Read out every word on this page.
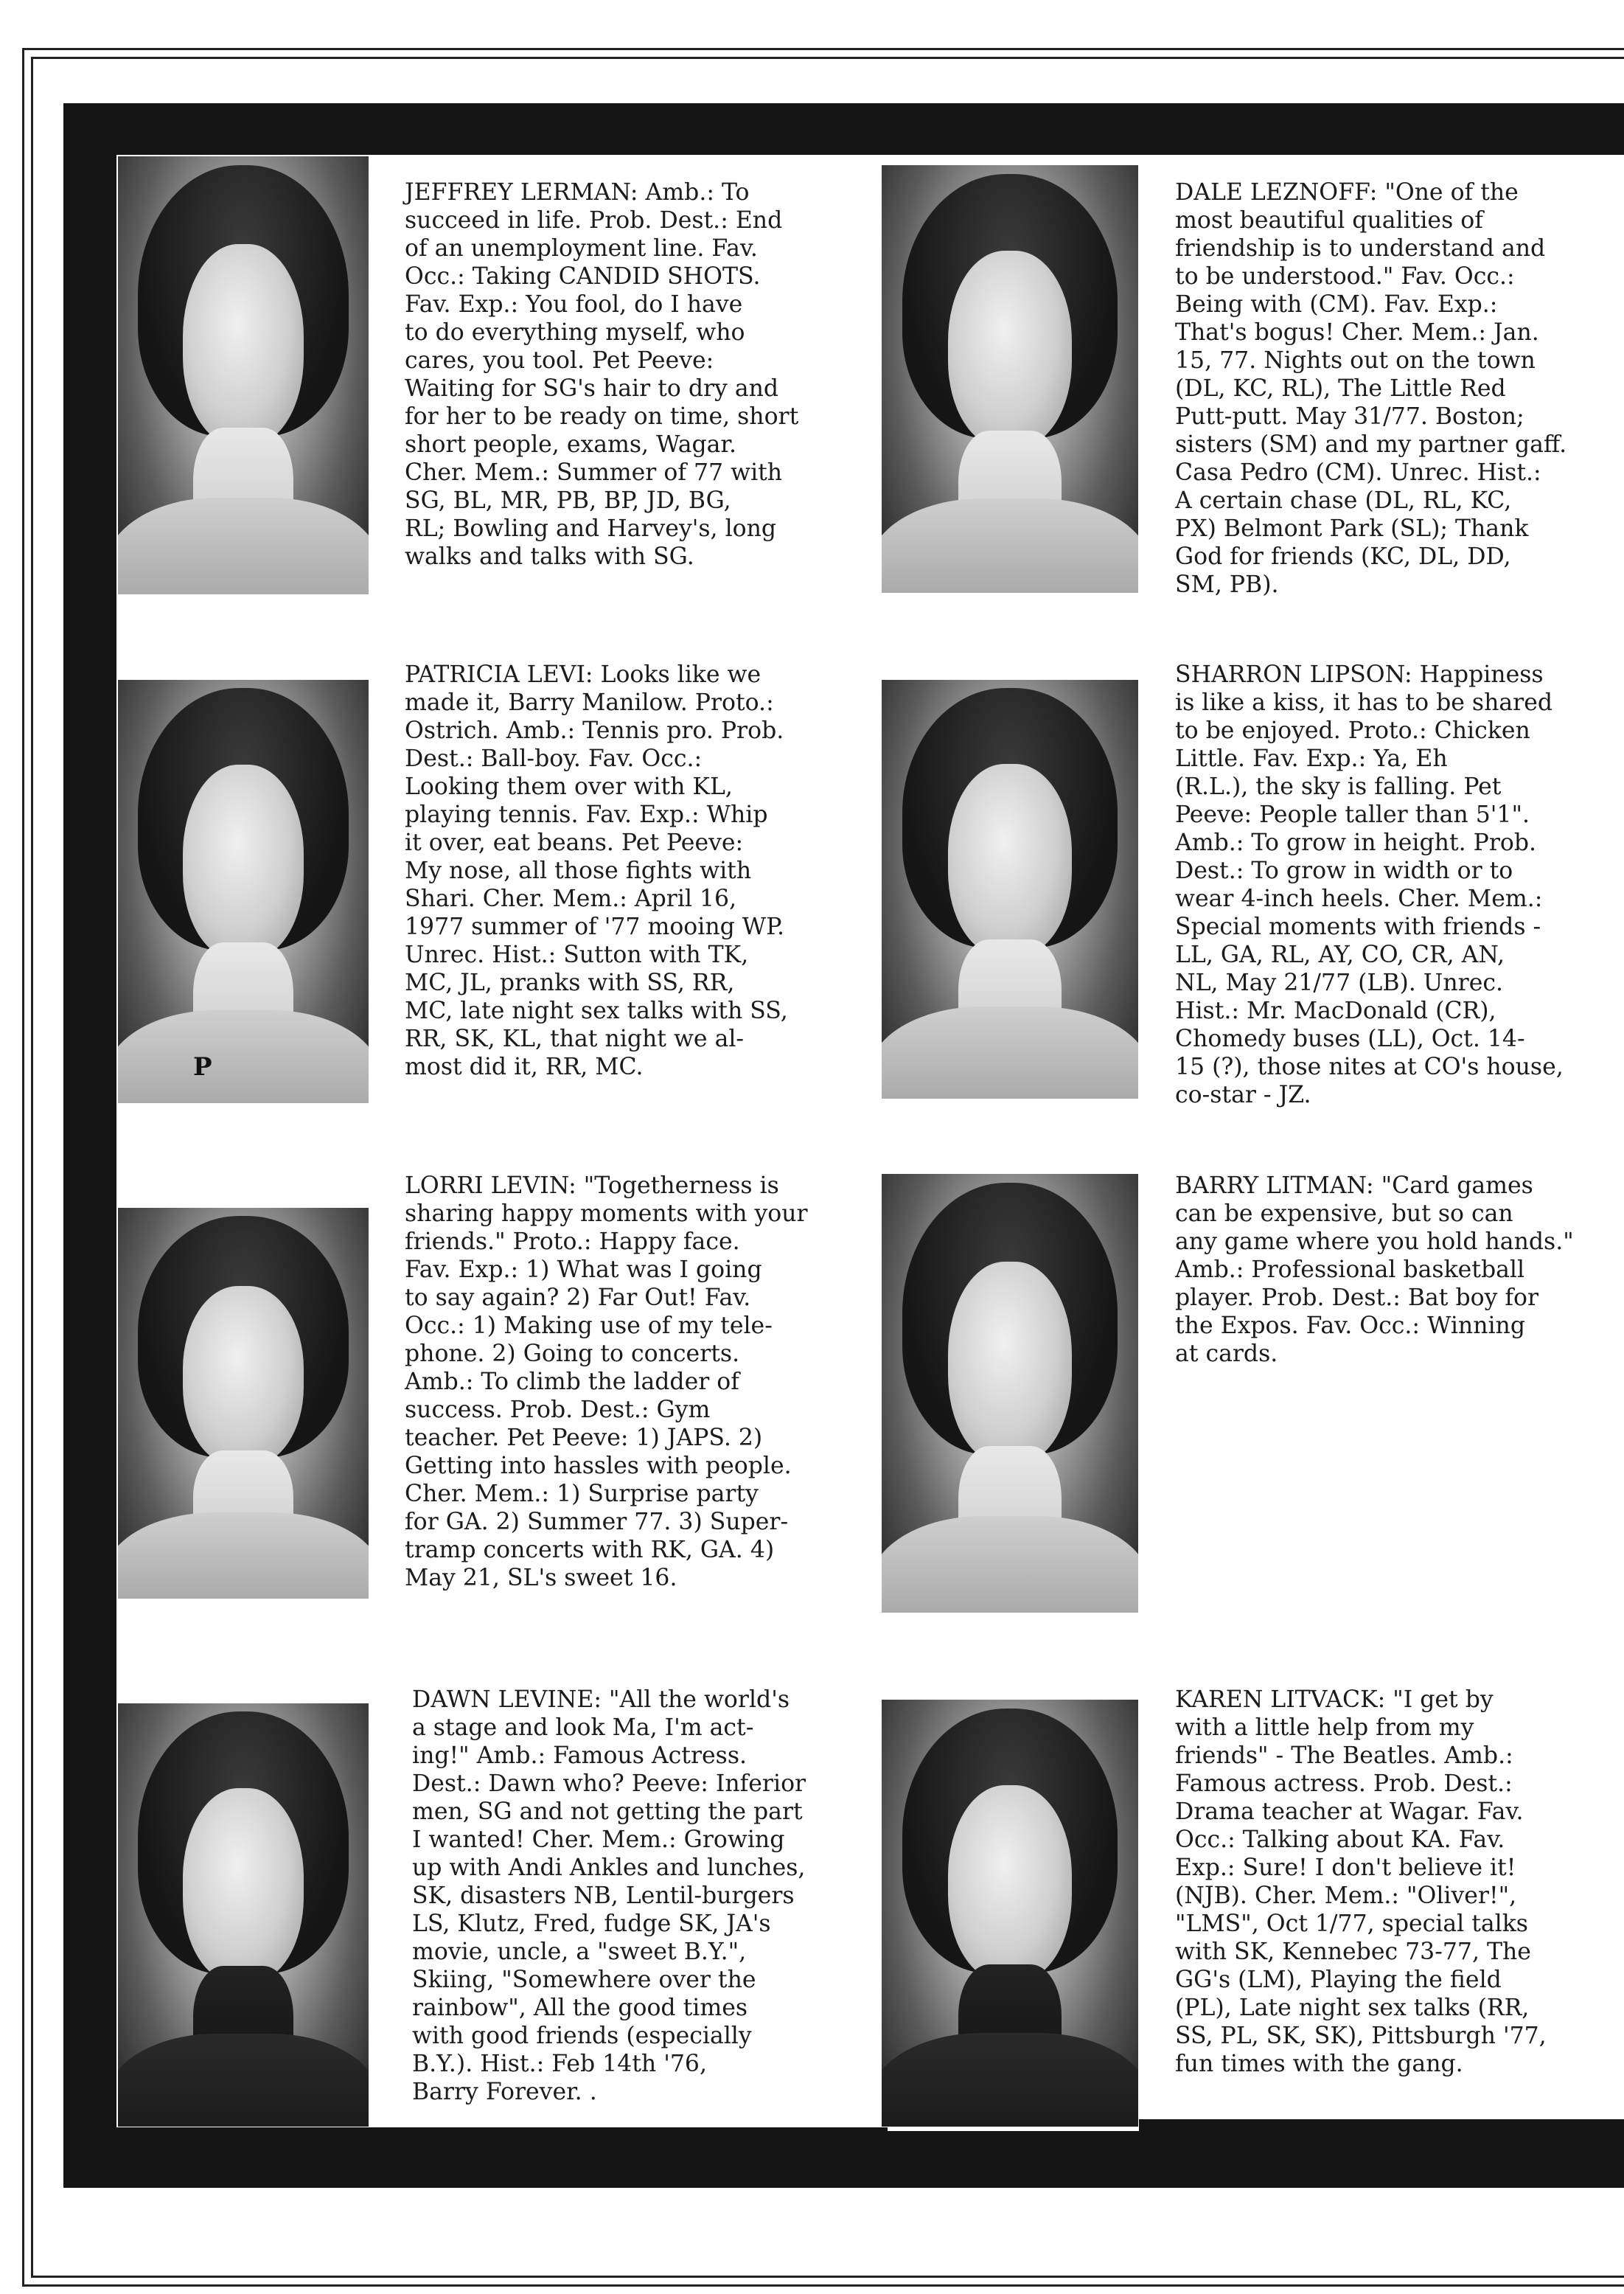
JEFFREY LERMAN: Amb.: To
succeed in life. Prob. Dest.: End
of an unemployment line. Fav.
Occ.: Taking CANDID SHOTS.
Fav. Exp.: You fool, do I have
to do everything myself, who
cares, you tool. Pet Peeve:
Waiting for SG's hair to dry and
for her to be ready on time, short
short people, exams, Wagar.
Cher. Mem.: Summer of 77 with
SG, BL, MR, PB, BP, JD, BG,
RL; Bowling and Harvey's, long
walks and talks with SG.
DALE LEZNOFF: "One of the
most beautiful qualities of
friendship is to understand and
to be understood." Fav. Occ.:
Being with (CM). Fav. Exp.:
That's bogus! Cher. Mem.: Jan.
15, 77. Nights out on the town
(DL, KC, RL), The Little Red
Putt-putt. May 31/77. Boston;
sisters (SM) and my partner gaff.
Casa Pedro (CM). Unrec. Hist.:
A certain chase (DL, RL, KC,
PX) Belmont Park (SL); Thank
God for friends (KC, DL, DD,
SM, PB).
P
PATRICIA LEVI: Looks like we
made it, Barry Manilow. Proto.:
Ostrich. Amb.: Tennis pro. Prob.
Dest.: Ball-boy. Fav. Occ.:
Looking them over with KL,
playing tennis. Fav. Exp.: Whip
it over, eat beans. Pet Peeve:
My nose, all those fights with
Shari. Cher. Mem.: April 16,
1977 summer of '77 mooing WP.
Unrec. Hist.: Sutton with TK,
MC, JL, pranks with SS, RR,
MC, late night sex talks with SS,
RR, SK, KL, that night we al-
most did it, RR, MC.
SHARRON LIPSON: Happiness
is like a kiss, it has to be shared
to be enjoyed. Proto.: Chicken
Little. Fav. Exp.: Ya, Eh
(R.L.), the sky is falling. Pet
Peeve: People taller than 5'1".
Amb.: To grow in height. Prob.
Dest.: To grow in width or to
wear 4-inch heels. Cher. Mem.:
Special moments with friends -
LL, GA, RL, AY, CO, CR, AN,
NL, May 21/77 (LB). Unrec.
Hist.: Mr. MacDonald (CR),
Chomedy buses (LL), Oct. 14-
15 (?), those nites at CO's house,
co-star - JZ.
LORRI LEVIN: "Togetherness is
sharing happy moments with your
friends." Proto.: Happy face.
Fav. Exp.: 1) What was I going
to say again? 2) Far Out! Fav.
Occ.: 1) Making use of my tele-
phone. 2) Going to concerts.
Amb.: To climb the ladder of
success. Prob. Dest.: Gym
teacher. Pet Peeve: 1) JAPS. 2)
Getting into hassles with people.
Cher. Mem.: 1) Surprise party
for GA. 2) Summer 77. 3) Super-
tramp concerts with RK, GA. 4)
May 21, SL's sweet 16.
BARRY LITMAN: "Card games
can be expensive, but so can
any game where you hold hands."
Amb.: Professional basketball
player. Prob. Dest.: Bat boy for
the Expos. Fav. Occ.: Winning
at cards.
DAWN LEVINE: "All the world's
a stage and look Ma, I'm act-
ing!" Amb.: Famous Actress.
Dest.: Dawn who? Peeve: Inferior
men, SG and not getting the part
I wanted! Cher. Mem.: Growing
up with Andi Ankles and lunches,
SK, disasters NB, Lentil-burgers
LS, Klutz, Fred, fudge SK, JA's
movie, uncle, a "sweet B.Y.",
Skiing, "Somewhere over the
rainbow", All the good times
with good friends (especially
B.Y.). Hist.: Feb 14th '76,
Barry Forever. .
KAREN LITVACK: "I get by
with a little help from my
friends" - The Beatles. Amb.:
Famous actress. Prob. Dest.:
Drama teacher at Wagar. Fav.
Occ.: Talking about KA. Fav.
Exp.: Sure! I don't believe it!
(NJB). Cher. Mem.: "Oliver!",
"LMS", Oct 1/77, special talks
with SK, Kennebec 73-77, The
GG's (LM), Playing the field
(PL), Late night sex talks (RR,
SS, PL, SK, SK), Pittsburgh '77,
fun times with the gang.
